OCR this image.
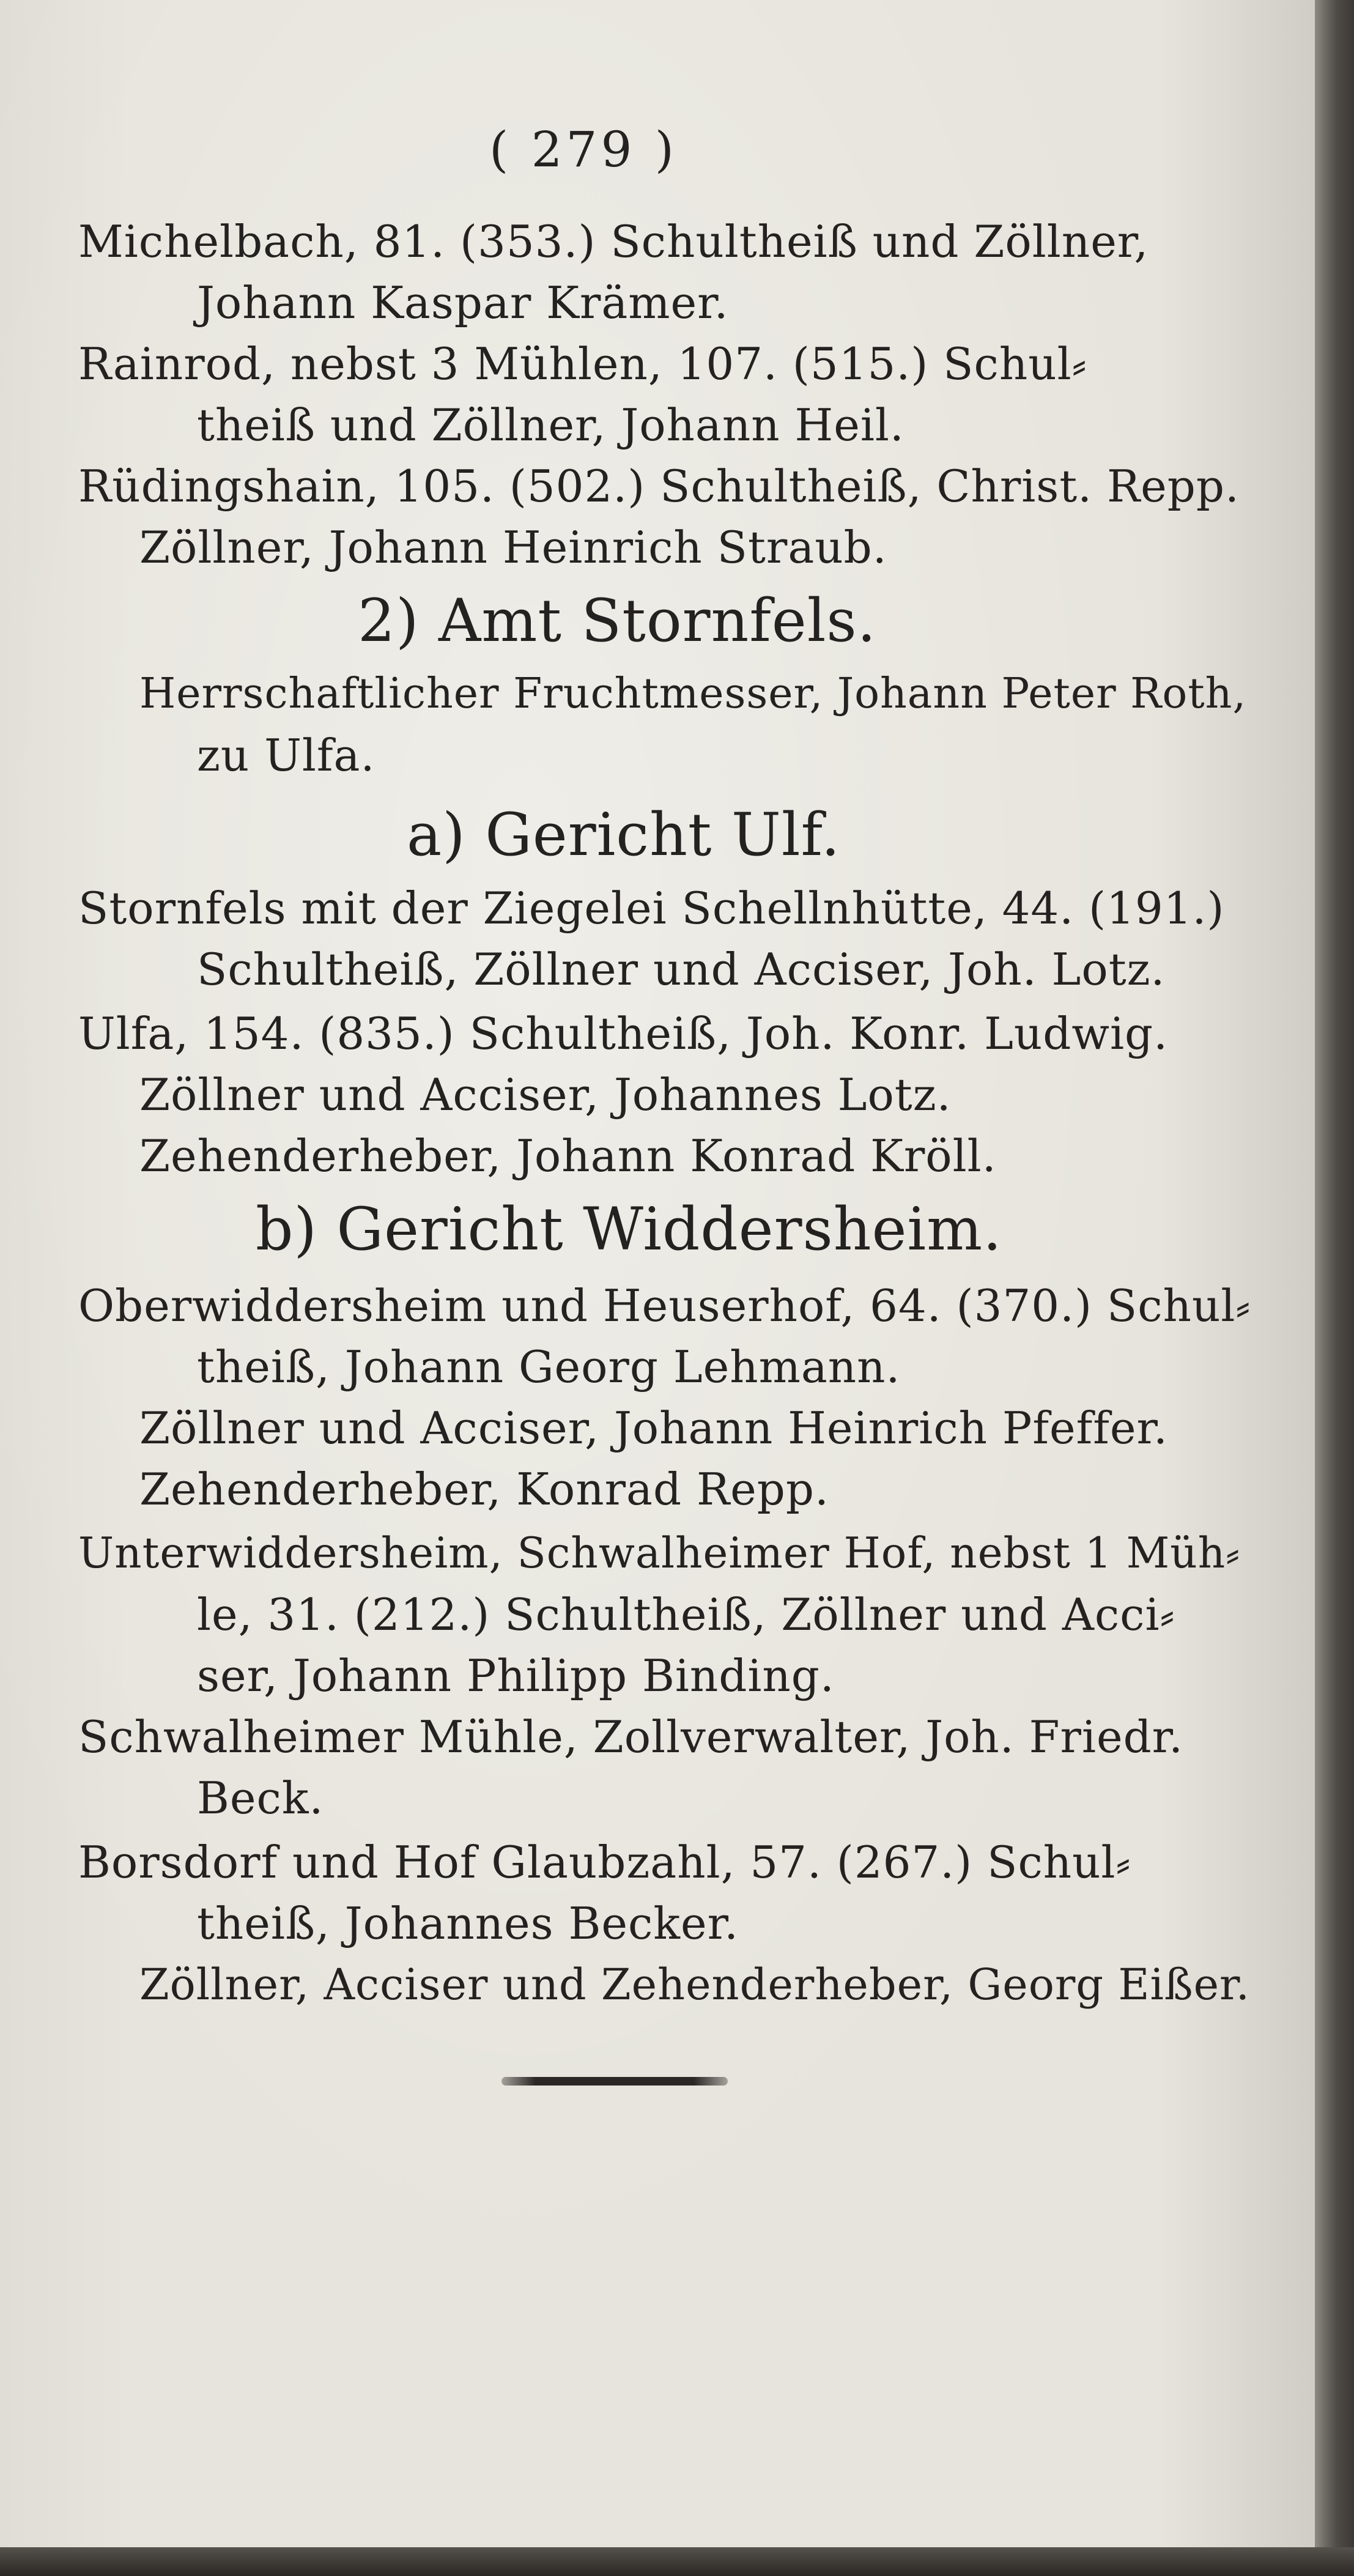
( 279 )
Michelbach, 81. (353.) Schultheiß und Zöllner,
Johann Kaspar Krämer.
Rainrod, nebst 3 Mühlen, 107. (515.) Schul⸗
theiß und Zöllner, Johann Heil.
Rüdingshain, 105. (502.) Schultheiß, Christ. Repp.
Zöllner, Johann Heinrich Straub.
2) Amt Stornfels.
Herrschaftlicher Fruchtmesser, Johann Peter Roth,
zu Ulfa.
a) Gericht Ulf.
Stornfels mit der Ziegelei Schellnhütte, 44. (191.)
Schultheiß, Zöllner und Acciser, Joh. Lotz.
Ulfa, 154. (835.) Schultheiß, Joh. Konr. Ludwig.
Zöllner und Acciser, Johannes Lotz.
Zehenderheber, Johann Konrad Kröll.
b) Gericht Widdersheim.
Oberwiddersheim und Heuserhof, 64. (370.) Schul⸗
theiß, Johann Georg Lehmann.
Zöllner und Acciser, Johann Heinrich Pfeffer.
Zehenderheber, Konrad Repp.
Unterwiddersheim, Schwalheimer Hof, nebst 1 Müh⸗
le, 31. (212.) Schultheiß, Zöllner und Acci⸗
ser, Johann Philipp Binding.
Schwalheimer Mühle, Zollverwalter, Joh. Friedr.
Beck.
Borsdorf und Hof Glaubzahl, 57. (267.) Schul⸗
theiß, Johannes Becker.
Zöllner, Acciser und Zehenderheber, Georg Eißer.
